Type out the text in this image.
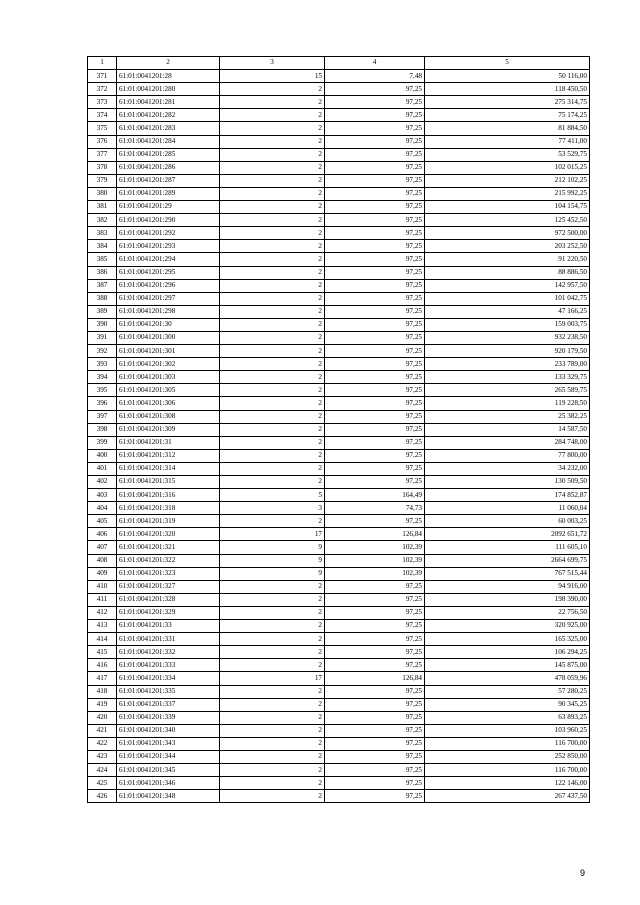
1	2	3	4	5
371	61:01:0041201:28	15	7,48	50 116,00
372	61:01:0041201:280	2	97,25	118 450,50
373	61:01:0041201:281	2	97,25	275 314,75
374	61:01:0041201:282	2	97,25	75 174,25
375	61:01:0041201:283	2	97,25	81 884,50
376	61:01:0041201:284	2	97,25	77 411,00
377	61:01:0041201:285	2	97,25	53 529,75
378	61:01:0041201:286	2	97,25	102 015,25
379	61:01:0041201:287	2	97,25	212 102,25
380	61:01:0041201:289	2	97,25	215 992,25
381	61:01:0041201:29	2	97,25	104 154,75
382	61:01:0041201:290	2	97,25	125 452,50
383	61:01:0041201:292	2	97,25	972 500,00
384	61:01:0041201:293	2	97,25	203 252,50
385	61:01:0041201:294	2	97,25	91 220,50
386	61:01:0041201:295	2	97,25	88 886,50
387	61:01:0041201:296	2	97,25	142 957,50
388	61:01:0041201:297	2	97,25	101 042,75
389	61:01:0041201:298	2	97,25	47 166,25
390	61:01:0041201:30	2	97,25	159 003,75
391	61:01:0041201:300	2	97,25	932 238,50
392	61:01:0041201:301	2	97,25	920 179,50
393	61:01:0041201:302	2	97,25	233 789,00
394	61:01:0041201:303	2	97,25	133 329,75
395	61:01:0041201:305	2	97,25	265 589,75
396	61:01:0041201:306	2	97,25	119 228,50
397	61:01:0041201:308	2	97,25	25 382,25
398	61:01:0041201:309	2	97,25	14 587,50
399	61:01:0041201:31	2	97,25	284 748,00
400	61:01:0041201:312	2	97,25	77 800,00
401	61:01:0041201:314	2	97,25	34 232,00
402	61:01:0041201:315	2	97,25	130 509,50
403	61:01:0041201:316	5	164,49	174 852,87
404	61:01:0041201:318	3	74,73	11 060,04
405	61:01:0041201:319	2	97,25	60 003,25
406	61:01:0041201:320	17	126,84	2092 651,72
407	61:01:0041201:321	9	102,39	111 605,10
408	61:01:0041201:322	9	102,39	2664 699,75
409	61:01:0041201:323	9	102,39	767 515,44
410	61:01:0041201:327	2	97,25	94 916,00
411	61:01:0041201:328	2	97,25	198 390,00
412	61:01:0041201:329	2	97,25	22 756,50
413	61:01:0041201:33	2	97,25	320 925,00
414	61:01:0041201:331	2	97,25	165 325,00
415	61:01:0041201:332	2	97,25	106 294,25
416	61:01:0041201:333	2	97,25	145 875,00
417	61:01:0041201:334	17	126,84	478 059,96
418	61:01:0041201:335	2	97,25	57 280,25
419	61:01:0041201:337	2	97,25	90 345,25
420	61:01:0041201:339	2	97,25	63 893,25
421	61:01:0041201:340	2	97,25	103 960,25
422	61:01:0041201:343	2	97,25	116 700,00
423	61:01:0041201:344	2	97,25	252 850,00
424	61:01:0041201:345	2	97,25	116 700,00
425	61:01:0041201:346	2	97,25	122 146,00
426	61:01:0041201:348	2	97,25	267 437,50
9
